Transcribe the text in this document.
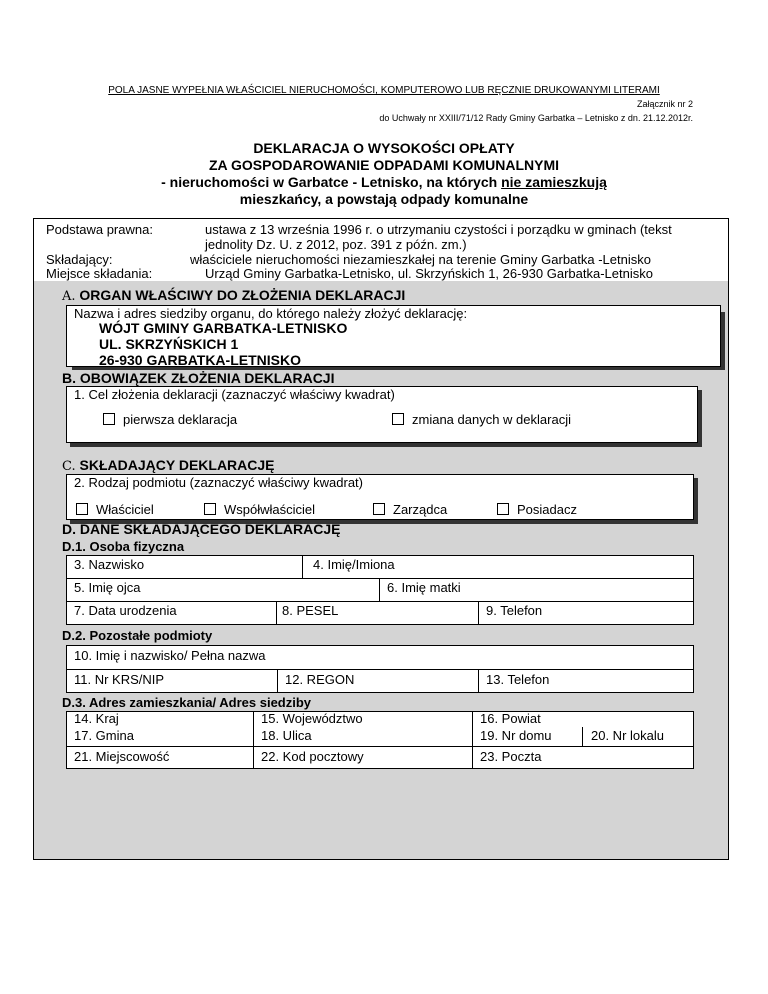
POLA JASNE WYPEŁNIA WŁAŚCICIEL NIERUCHOMOŚCI, KOMPUTEROWO LUB RĘCZNIE DRUKOWANYMI LITERAMI
Załącznik nr 2
do Uchwały nr XXIII/71/12 Rady Gminy Garbatka – Letnisko z dn. 21.12.2012r.
DEKLARACJA O WYSOKOŚCI OPŁATY
ZA GOSPODAROWANIE ODPADAMI KOMUNALNYMI
- nieruchomości w Garbatce - Letnisko, na których nie zamieszkują
mieszkańcy, a powstają odpady komunalne
Podstawa prawna:	ustawa z 13 września 1996 r. o utrzymaniu czystości i porządku w gminach (tekst
jednolity Dz. U. z 2012, poz. 391 z późn. zm.)
Składający:	właściciele nieruchomości niezamieszkałej na terenie Gminy Garbatka -Letnisko
Miejsce składania:	Urząd Gminy Garbatka-Letnisko, ul. Skrzyńskich 1, 26-930 Garbatka-Letnisko
A. ORGAN WŁAŚCIWY DO ZŁOŻENIA DEKLARACJI
Nazwa i adres siedziby organu, do którego należy złożyć deklarację:
WÓJT GMINY GARBATKA-LETNISKO
UL. SKRZYŃSKICH 1
26-930 GARBATKA-LETNISKO
B. OBOWIĄZEK ZŁOŻENIA DEKLARACJI
1. Cel złożenia deklaracji (zaznaczyć właściwy kwadrat)
pierwsza deklaracja	zmiana danych w deklaracji
C. SKŁADAJĄCY DEKLARACJĘ
2. Rodzaj podmiotu (zaznaczyć właściwy kwadrat)
Właściciel	Współwłaściciel	Zarządca	Posiadacz
D. DANE SKŁADAJĄCEGO DEKLARACJĘ
D.1. Osoba fizyczna
3. Nazwisko	4. Imię/Imiona
5. Imię ojca	6. Imię matki
7. Data urodzenia	8. PESEL	9. Telefon
D.2. Pozostałe podmioty
10. Imię i nazwisko/ Pełna nazwa
11. Nr KRS/NIP	12. REGON	13. Telefon
D.3. Adres zamieszkania/ Adres siedziby
14. Kraj	15. Województwo	16. Powiat
17. Gmina	18. Ulica	19. Nr domu	20. Nr lokalu
21. Miejscowość	22. Kod pocztowy	23. Poczta
